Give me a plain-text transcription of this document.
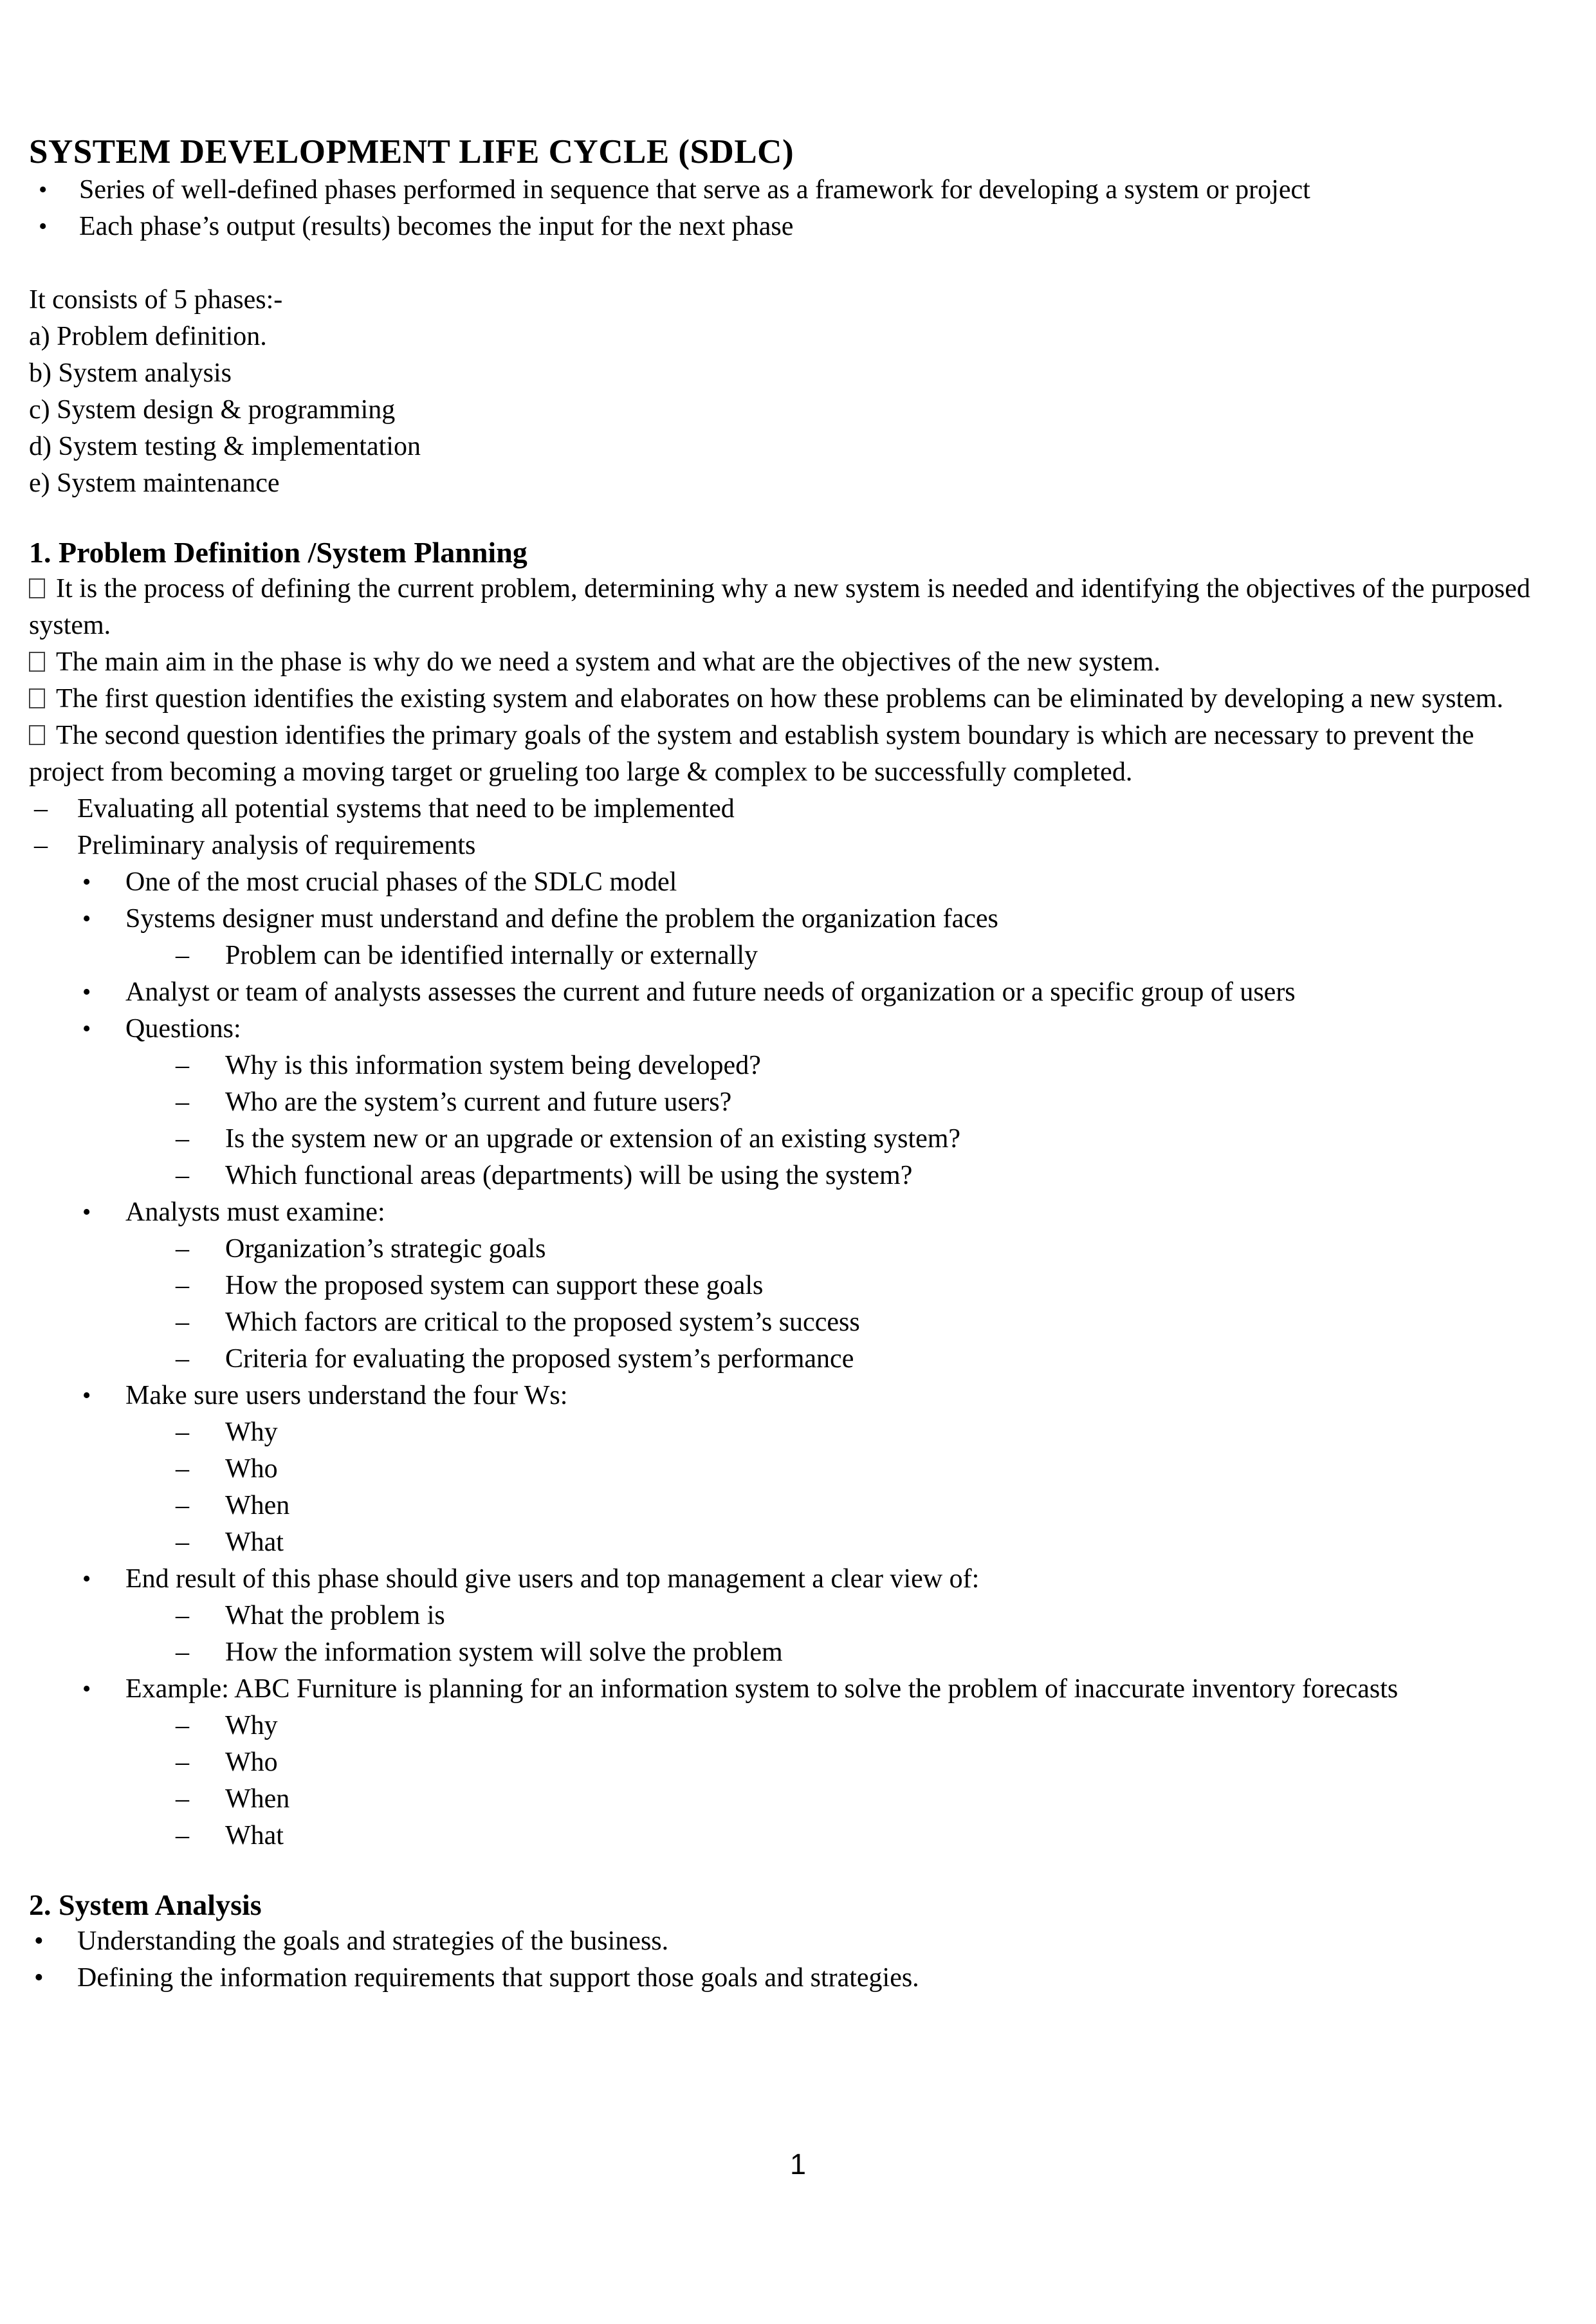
SYSTEM DEVELOPMENT LIFE CYCLE (SDLC)
• Series of well-defined phases performed in sequence that serve as a framework for developing a system or project
• Each phase’s output (results) becomes the input for the next phase
It consists of 5 phases:-
a) Problem definition.
b) System analysis
c) System design & programming
d) System testing & implementation
e) System maintenance
1. Problem Definition /System Planning
It is the process of defining the current problem, determining why a new system is needed and identifying the objectives of the purposed system.
The main aim in the phase is why do we need a system and what are the objectives of the new system.
The first question identifies the existing system and elaborates on how these problems can be eliminated by developing a new system.
The second question identifies the primary goals of the system and establish system boundary is which are necessary to prevent the project from becoming a moving target or grueling too large & complex to be successfully completed.
– Evaluating all potential systems that need to be implemented
– Preliminary analysis of requirements
• One of the most crucial phases of the SDLC model
• Systems designer must understand and define the problem the organization faces
– Problem can be identified internally or externally
• Analyst or team of analysts assesses the current and future needs of organization or a specific group of users
• Questions:
– Why is this information system being developed?
– Who are the system’s current and future users?
– Is the system new or an upgrade or extension of an existing system?
– Which functional areas (departments) will be using the system?
• Analysts must examine:
– Organization’s strategic goals
– How the proposed system can support these goals
– Which factors are critical to the proposed system’s success
– Criteria for evaluating the proposed system’s performance
• Make sure users understand the four Ws:
– Why
– Who
– When
– What
• End result of this phase should give users and top management a clear view of:
– What the problem is
– How the information system will solve the problem
• Example: ABC Furniture is planning for an information system to solve the problem of inaccurate inventory forecasts
– Why
– Who
– When
– What
2. System Analysis
• Understanding the goals and strategies of the business.
• Defining the information requirements that support those goals and strategies.
1
